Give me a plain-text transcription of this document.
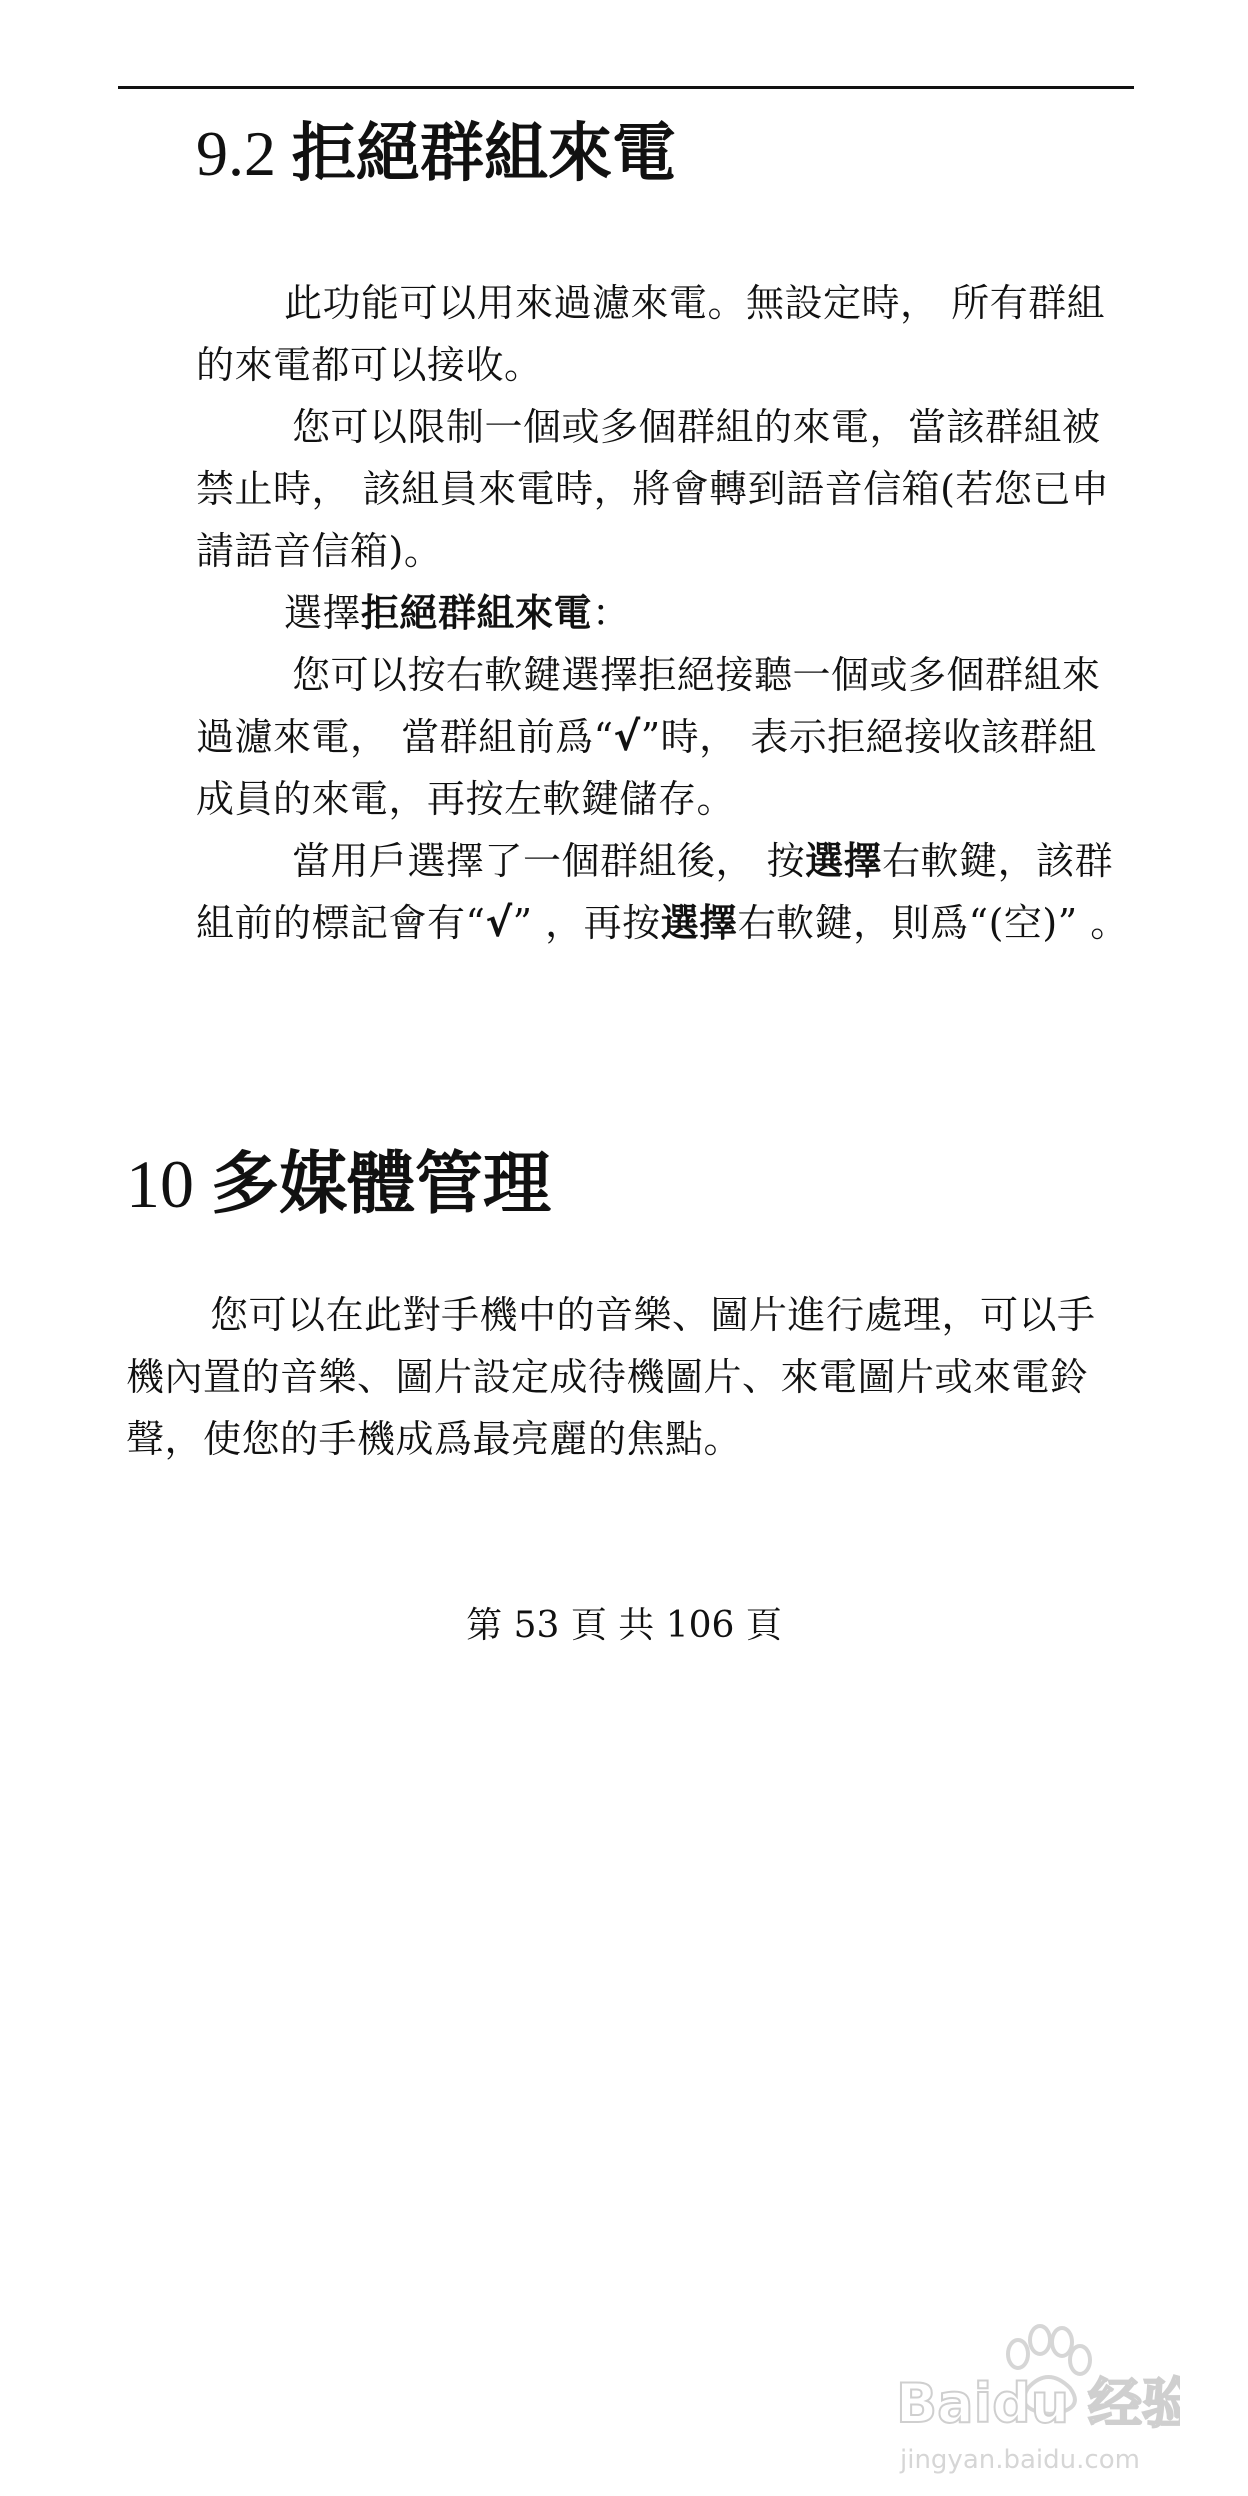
9.2 拒絕群組來電

此功能可以用來過濾來電。無設定時， 所有群組的來電都可以接收。

您可以限制一個或多個群組的來電，當該群組被禁止時， 該組員來電時，將會轉到語音信箱(若您已申請語音信箱)。

選擇拒絕群組來電：

您可以按右軟鍵選擇拒絕接聽一個或多個群組來過濾來電， 當群組前爲“√”時， 表示拒絕接收該群組成員的來電，再按左軟鍵儲存。

當用戶選擇了一個群組後， 按選擇右軟鍵，該群組前的標記會有“√” ，再按選擇右軟鍵，則爲“(空)” 。

10 多媒體管理

您可以在此對手機中的音樂、圖片進行處理，可以手機內置的音樂、圖片設定成待機圖片、來電圖片或來電鈴聲，使您的手機成爲最亮麗的焦點。

第 53 頁 共 106 頁
Baidu 经验
jingyan.baidu.com
